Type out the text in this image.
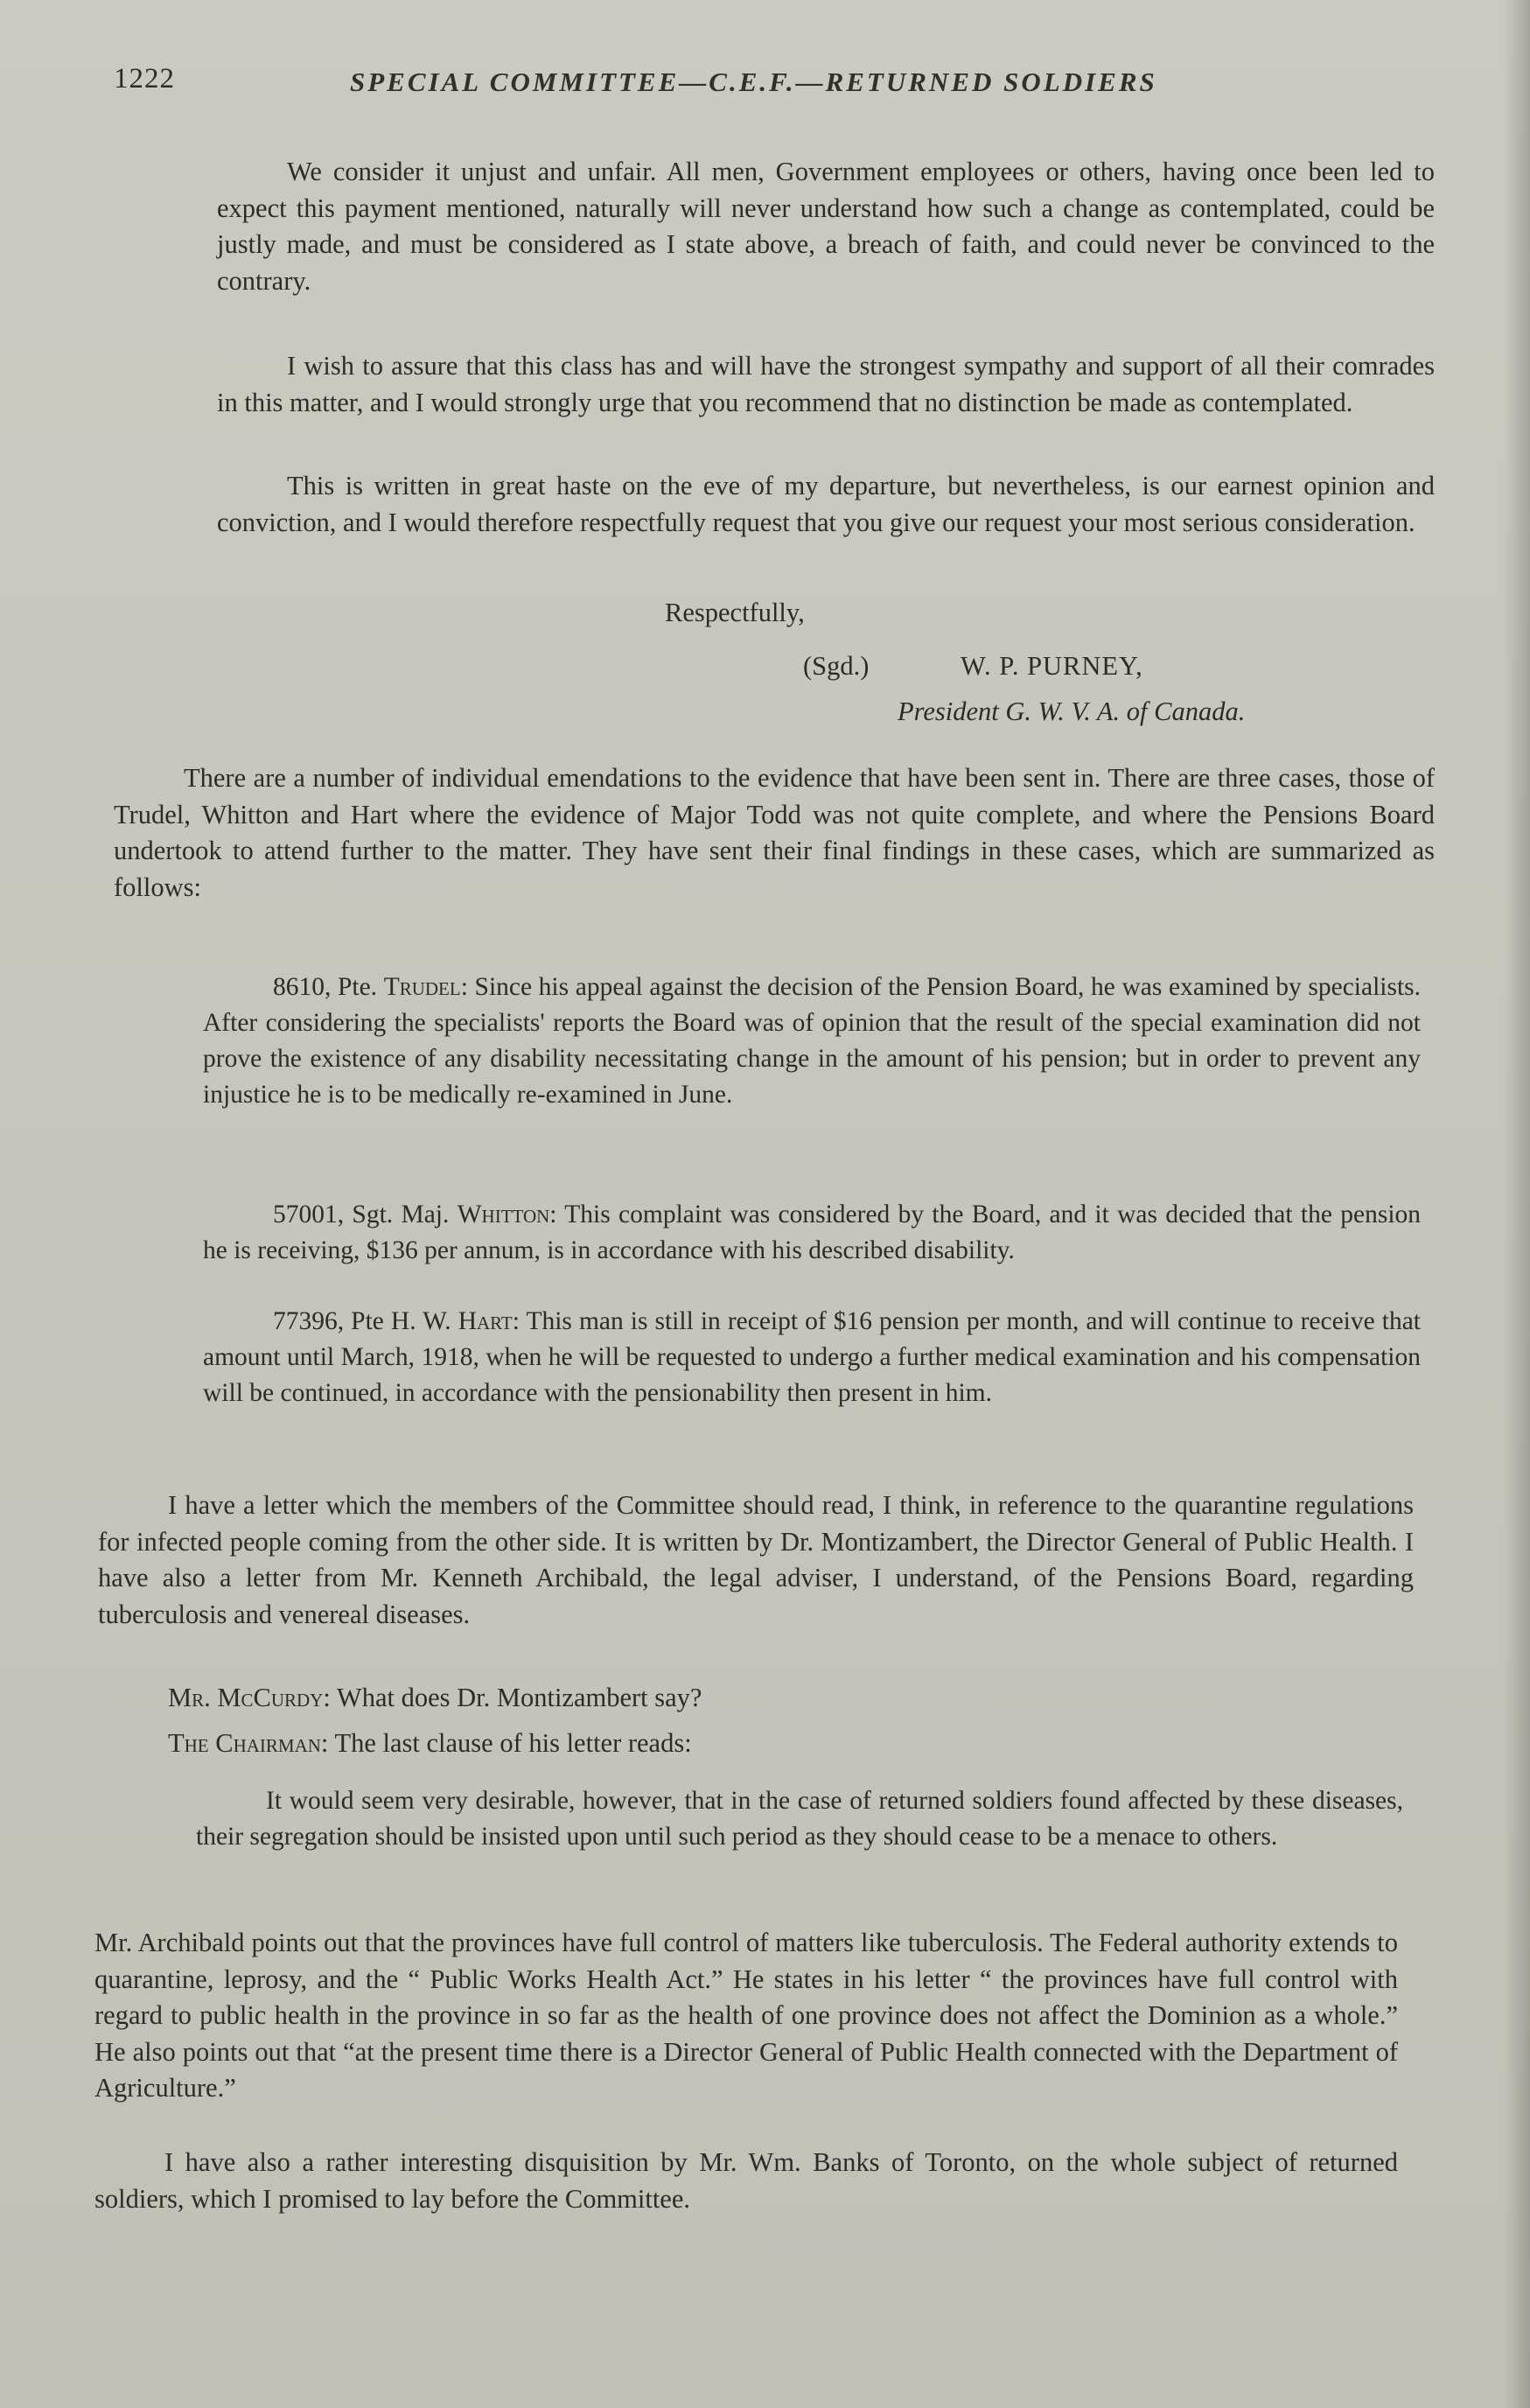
1222	SPECIAL COMMITTEE—C.E.F.—RETURNED SOLDIERS

We consider it unjust and unfair. All men, Government employees or others, having once been led to expect this payment mentioned, naturally will never understand how such a change as contemplated, could be justly made, and must be considered as I state above, a breach of faith, and could never be convinced to the contrary.

I wish to assure that this class has and will have the strongest sympathy and support of all their comrades in this matter, and I would strongly urge that you recommend that no distinction be made as contemplated.

This is written in great haste on the eve of my departure, but nevertheless, is our earnest opinion and conviction, and I would therefore respectfully request that you give our request your most serious consideration.

Respectfully,
(Sgd.)	W. P. PURNEY,
President G. W. V. A. of Canada.

There are a number of individual emendations to the evidence that have been sent in. There are three cases, those of Trudel, Whitton and Hart where the evidence of Major Todd was not quite complete, and where the Pensions Board undertook to attend further to the matter. They have sent their final findings in these cases, which are summarized as follows:

8610, Pte. Trudel: Since his appeal against the decision of the Pension Board, he was examined by specialists. After considering the specialists' reports the Board was of opinion that the result of the special examination did not prove the existence of any disability necessitating change in the amount of his pension; but in order to prevent any injustice he is to be medically re-examined in June.

57001, Sgt. Maj. Whitton: This complaint was considered by the Board, and it was decided that the pension he is receiving, $136 per annum, is in accordance with his described disability.

77396, Pte H. W. Hart: This man is still in receipt of $16 pension per month, and will continue to receive that amount until March, 1918, when he will be requested to undergo a further medical examination and his compensation will be continued, in accordance with the pensionability then present in him.

I have a letter which the members of the Committee should read, I think, in reference to the quarantine regulations for infected people coming from the other side. It is written by Dr. Montizambert, the Director General of Public Health. I have also a letter from Mr. Kenneth Archibald, the legal adviser, I understand, of the Pensions Board, regarding tuberculosis and venereal diseases.

Mr. McCurdy: What does Dr. Montizambert say?

The Chairman: The last clause of his letter reads:

It would seem very desirable, however, that in the case of returned soldiers found affected by these diseases, their segregation should be insisted upon until such period as they should cease to be a menace to others.

Mr. Archibald points out that the provinces have full control of matters like tuberculosis. The Federal authority extends to quarantine, leprosy, and the “ Public Works Health Act.” He states in his letter “ the provinces have full control with regard to public health in the province in so far as the health of one province does not affect the Dominion as a whole.” He also points out that “at the present time there is a Director General of Public Health connected with the Department of Agriculture.”

I have also a rather interesting disquisition by Mr. Wm. Banks of Toronto, on the whole subject of returned soldiers, which I promised to lay before the Committee.
